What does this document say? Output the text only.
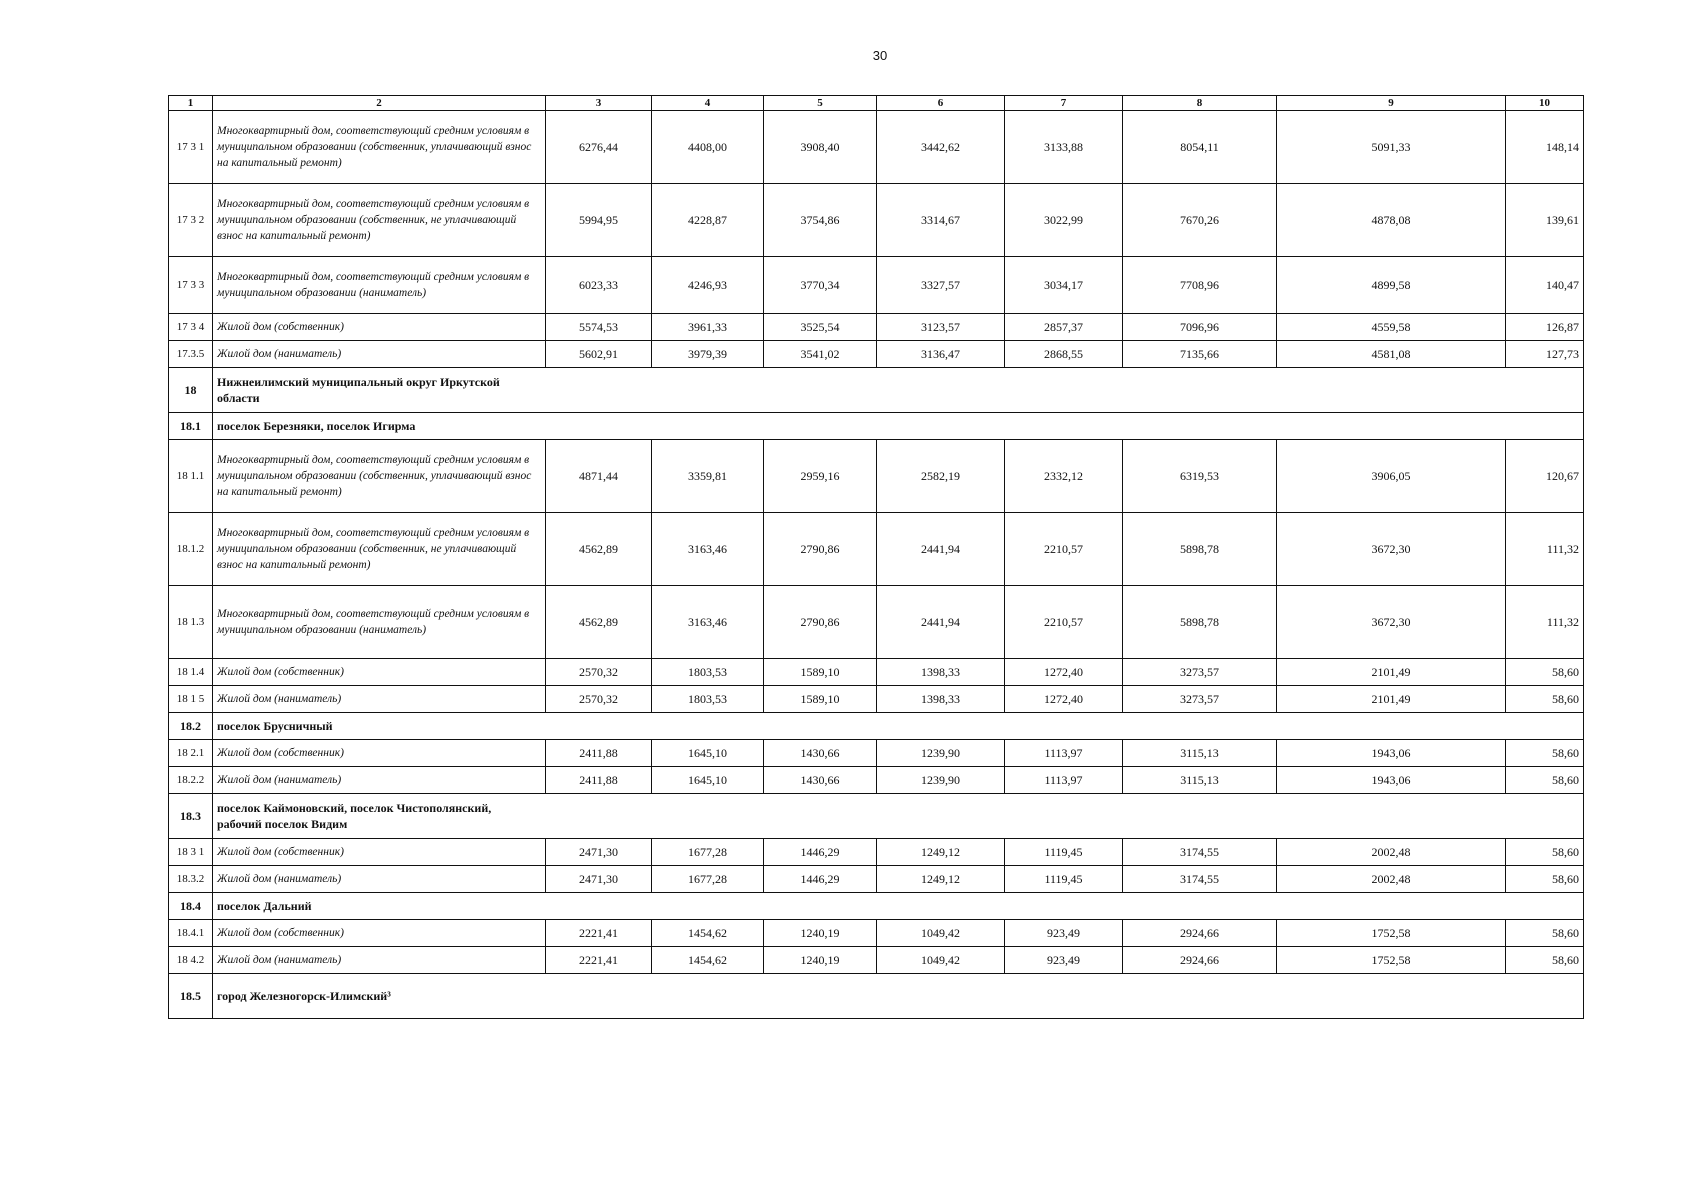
30
1	2	3	4	5	6	7	8	9	10
17 3 1	Многоквартирный дом, соответствующий средним условиям в муниципальном образовании (собственник, уплачивающий взнос на капитальный ремонт)	6276,44	4408,00	3908,40	3442,62	3133,88	8054,11	5091,33	148,14
17 3 2	Многоквартирный дом, соответствующий средним условиям в муниципальном образовании (собственник, не уплачивающий взнос на капитальный ремонт)	5994,95	4228,87	3754,86	3314,67	3022,99	7670,26	4878,08	139,61
17 3 3	Многоквартирный дом, соответствующий средним условиям в муниципальном образовании (наниматель)	6023,33	4246,93	3770,34	3327,57	3034,17	7708,96	4899,58	140,47
17 3 4	Жилой дом (собственник)	5574,53	3961,33	3525,54	3123,57	2857,37	7096,96	4559,58	126,87
17.3.5	Жилой дом (наниматель)	5602,91	3979,39	3541,02	3136,47	2868,55	7135,66	4581,08	127,73
18	Нижнеилимский муниципальный округ Иркутской области								
18.1	поселок Березняки, поселок Игирма								
18 1.1	Многоквартирный дом, соответствующий средним условиям в муниципальном образовании (собственник, уплачивающий взнос на капитальный ремонт)	4871,44	3359,81	2959,16	2582,19	2332,12	6319,53	3906,05	120,67
18.1.2	Многоквартирный дом, соответствующий средним условиям в муниципальном образовании (собственник, не уплачивающий взнос на капитальный ремонт)	4562,89	3163,46	2790,86	2441,94	2210,57	5898,78	3672,30	111,32
18 1.3	Многоквартирный дом, соответствующий средним условиям в муниципальном образовании (наниматель)	4562,89	3163,46	2790,86	2441,94	2210,57	5898,78	3672,30	111,32
18 1.4	Жилой дом (собственник)	2570,32	1803,53	1589,10	1398,33	1272,40	3273,57	2101,49	58,60
18 1 5	Жилой дом (наниматель)	2570,32	1803,53	1589,10	1398,33	1272,40	3273,57	2101,49	58,60
18.2	поселок Брусничный								
18 2.1	Жилой дом (собственник)	2411,88	1645,10	1430,66	1239,90	1113,97	3115,13	1943,06	58,60
18.2.2	Жилой дом (наниматель)	2411,88	1645,10	1430,66	1239,90	1113,97	3115,13	1943,06	58,60
18.3	поселок Каймоновский, поселок Чистополянский, рабочий поселок Видим								
18 3 1	Жилой дом (собственник)	2471,30	1677,28	1446,29	1249,12	1119,45	3174,55	2002,48	58,60
18.3.2	Жилой дом (наниматель)	2471,30	1677,28	1446,29	1249,12	1119,45	3174,55	2002,48	58,60
18.4	поселок Дальний								
18.4.1	Жилой дом (собственник)	2221,41	1454,62	1240,19	1049,42	923,49	2924,66	1752,58	58,60
18 4.2	Жилой дом (наниматель)	2221,41	1454,62	1240,19	1049,42	923,49	2924,66	1752,58	58,60
18.5	город Железногорск-Илимский³								
